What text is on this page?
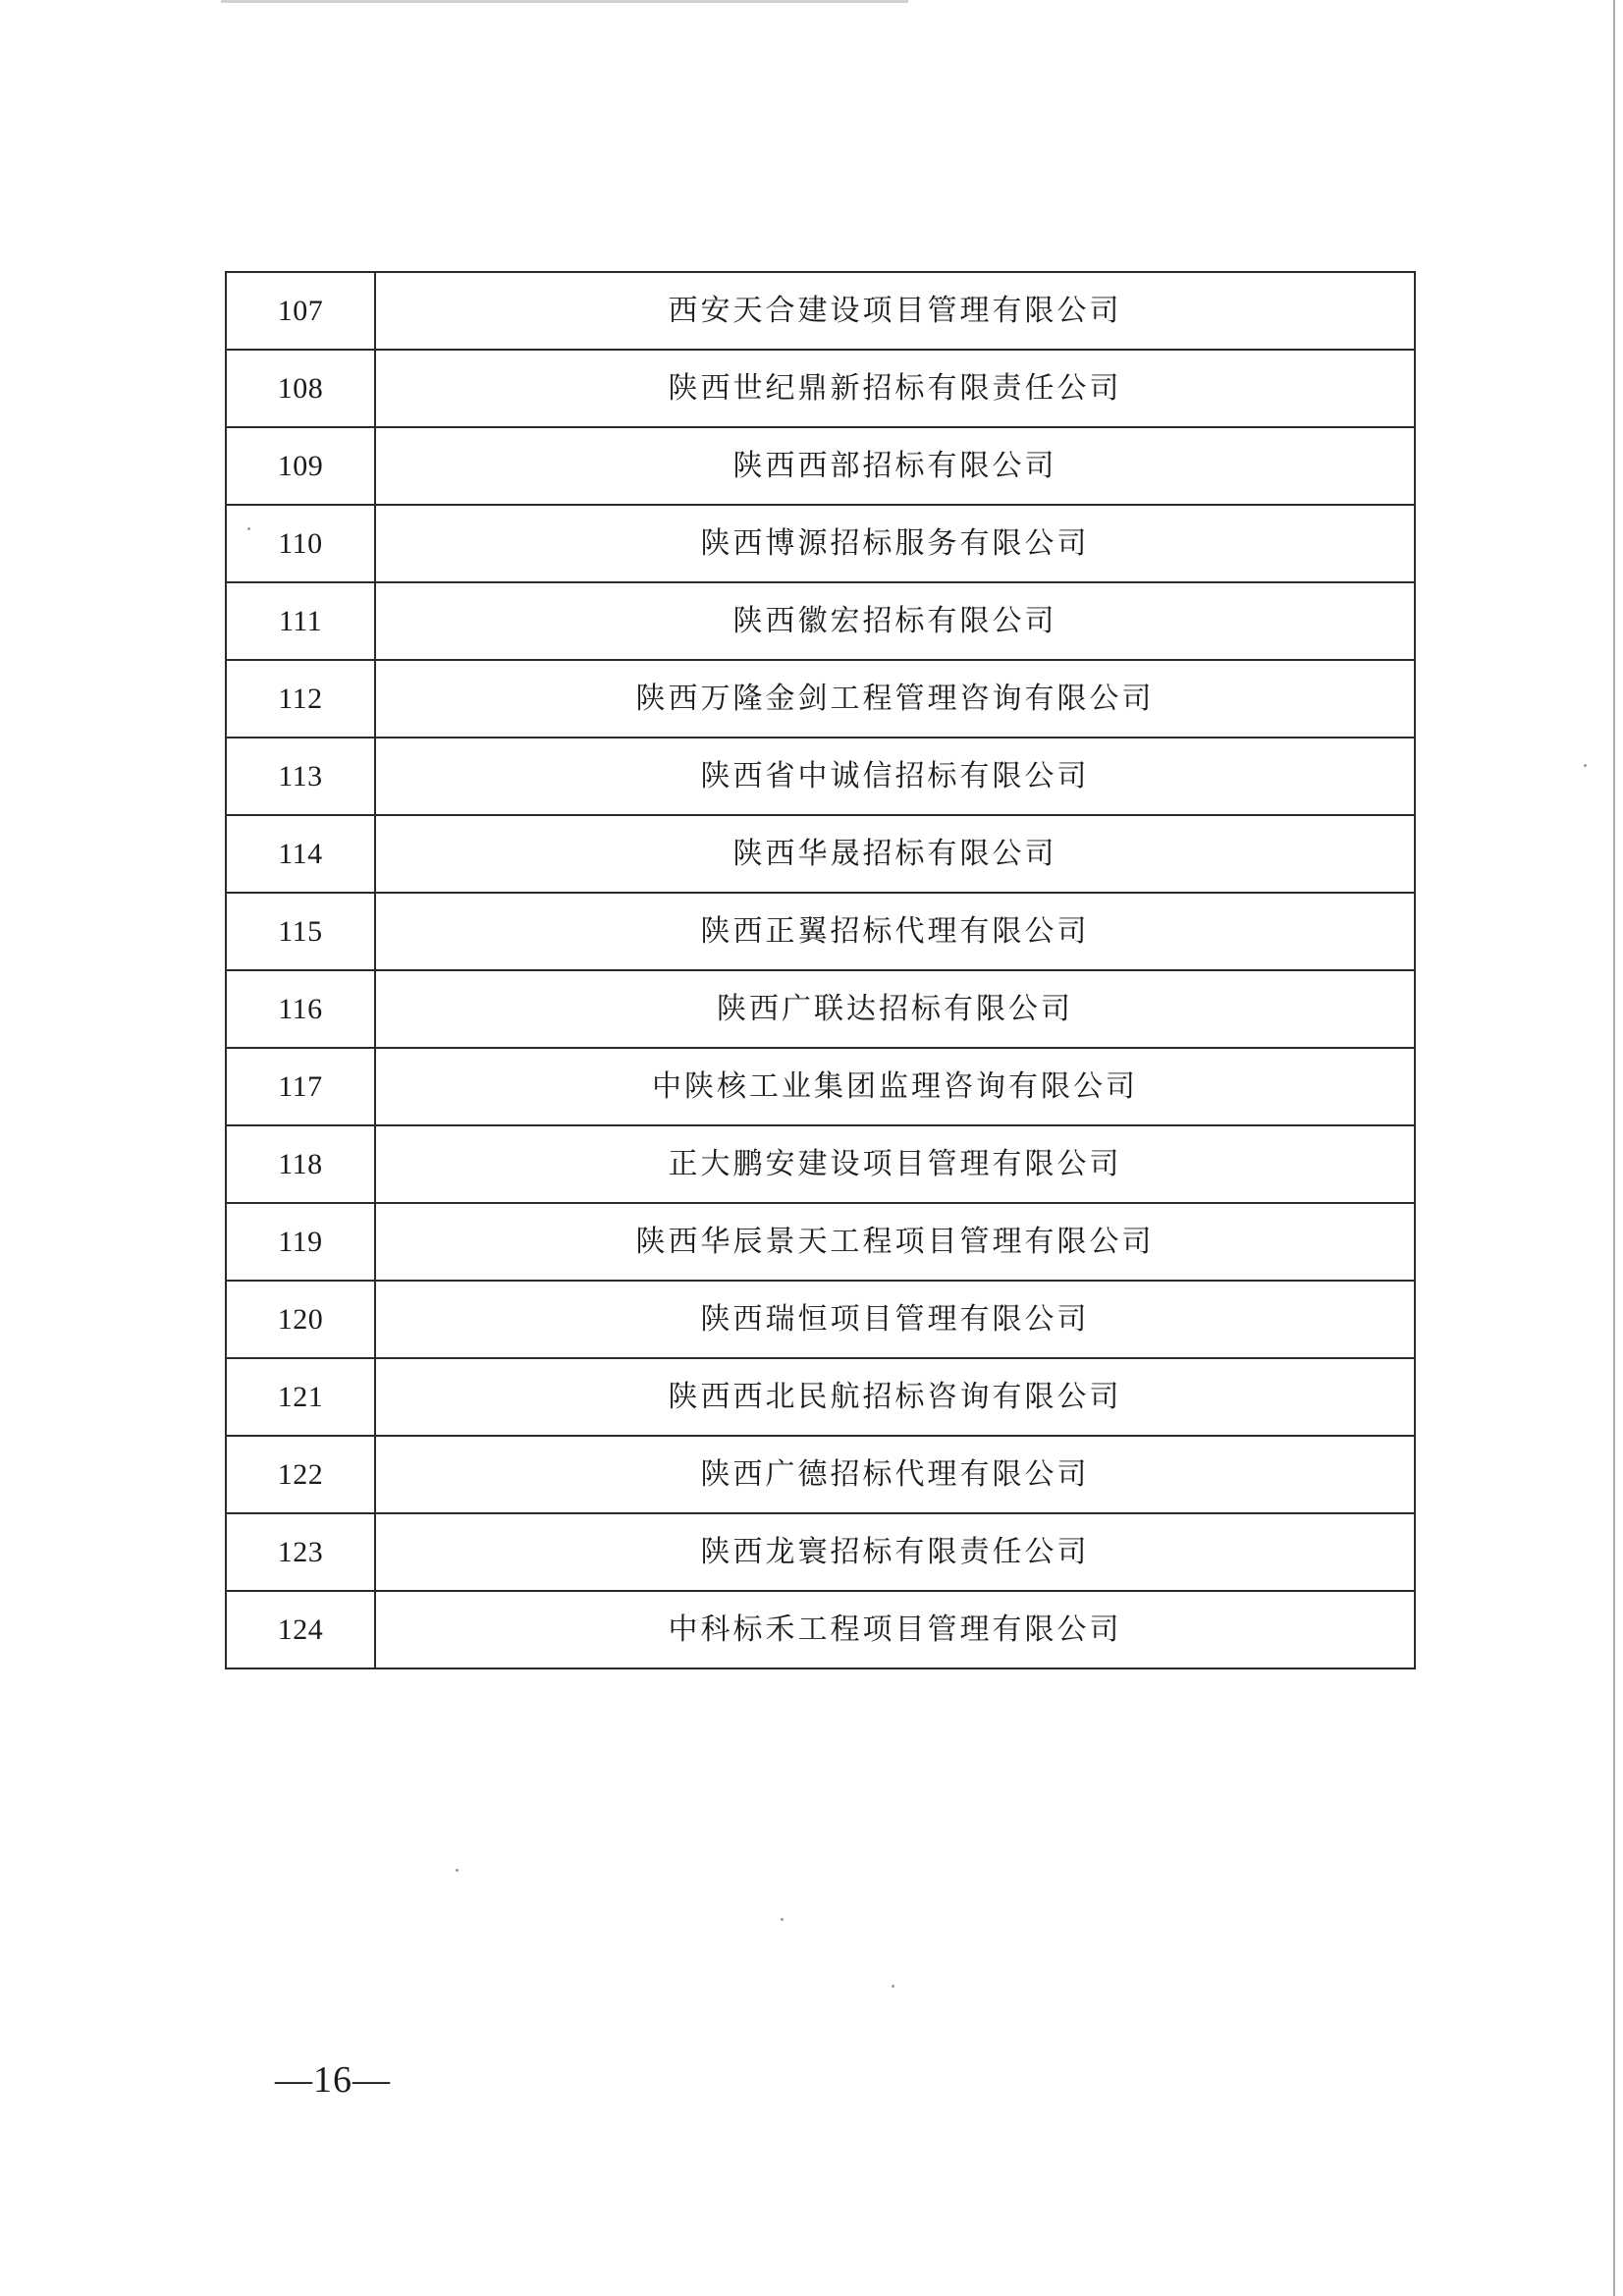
107	西安天合建设项目管理有限公司
108	陕西世纪鼎新招标有限责任公司
109	陕西西部招标有限公司
110	陕西博源招标服务有限公司
111	陕西徽宏招标有限公司
112	陕西万隆金剑工程管理咨询有限公司
113	陕西省中诚信招标有限公司
114	陕西华晟招标有限公司
115	陕西正翼招标代理有限公司
116	陕西广联达招标有限公司
117	中陕核工业集团监理咨询有限公司
118	正大鹏安建设项目管理有限公司
119	陕西华辰景天工程项目管理有限公司
120	陕西瑞恒项目管理有限公司
121	陕西西北民航招标咨询有限公司
122	陕西广德招标代理有限公司
123	陕西龙寰招标有限责任公司
124	中科标禾工程项目管理有限公司
—16—
